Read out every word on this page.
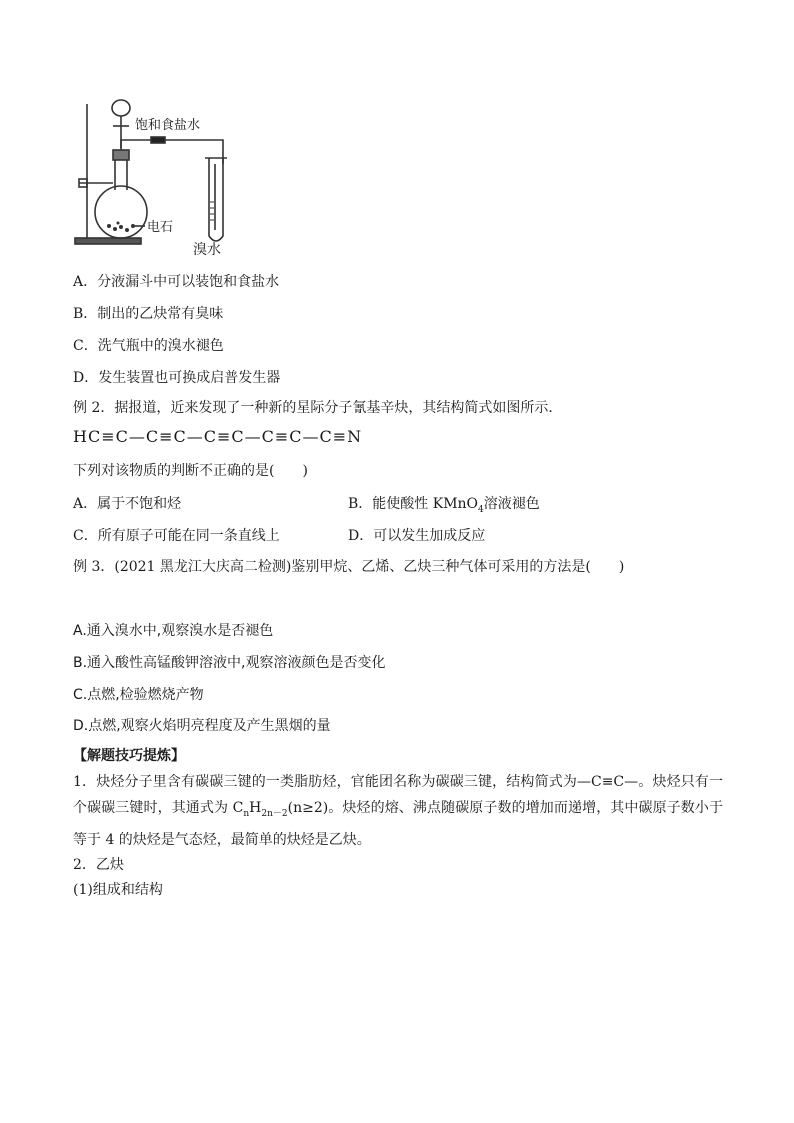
饱和食盐水
电石
溴水
A．分液漏斗中可以装饱和食盐水
B．制出的乙炔常有臭味
C．洗气瓶中的溴水褪色
D．发生装置也可换成启普发生器
例 2．据报道，近来发现了一种新的星际分子氰基辛炔，其结构简式如图所示．
HC≡C—C≡C—C≡C—C≡C—C≡N
下列对该物质的判断不正确的是(　　)
A．属于不饱和烃	B．能使酸性 KMnO$_4$溶液褪色
C．所有原子可能在同一条直线上	D．可以发生加成反应
例 3．(2021 黑龙江大庆高二检测)鉴别甲烷、乙烯、乙炔三种气体可采用的方法是(　　)
A.通入溴水中,观察溴水是否褪色
B.通入酸性高锰酸钾溶液中,观察溶液颜色是否变化
C.点燃,检验燃烧产物
D.点燃,观察火焰明亮程度及产生黑烟的量
【解题技巧提炼】
1．炔烃分子里含有碳碳三键的一类脂肪烃，官能团名称为碳碳三键，结构简式为—C≡C—。炔烃只有一个碳碳三键时，其通式为 $C_nH_{2n-2}(n\ge 2)$。炔烃的熔、沸点随碳原子数的增加而递增，其中碳原子数小于等于 4 的炔烃是气态烃，最简单的炔烃是乙炔。
2．乙炔
(1)组成和结构
